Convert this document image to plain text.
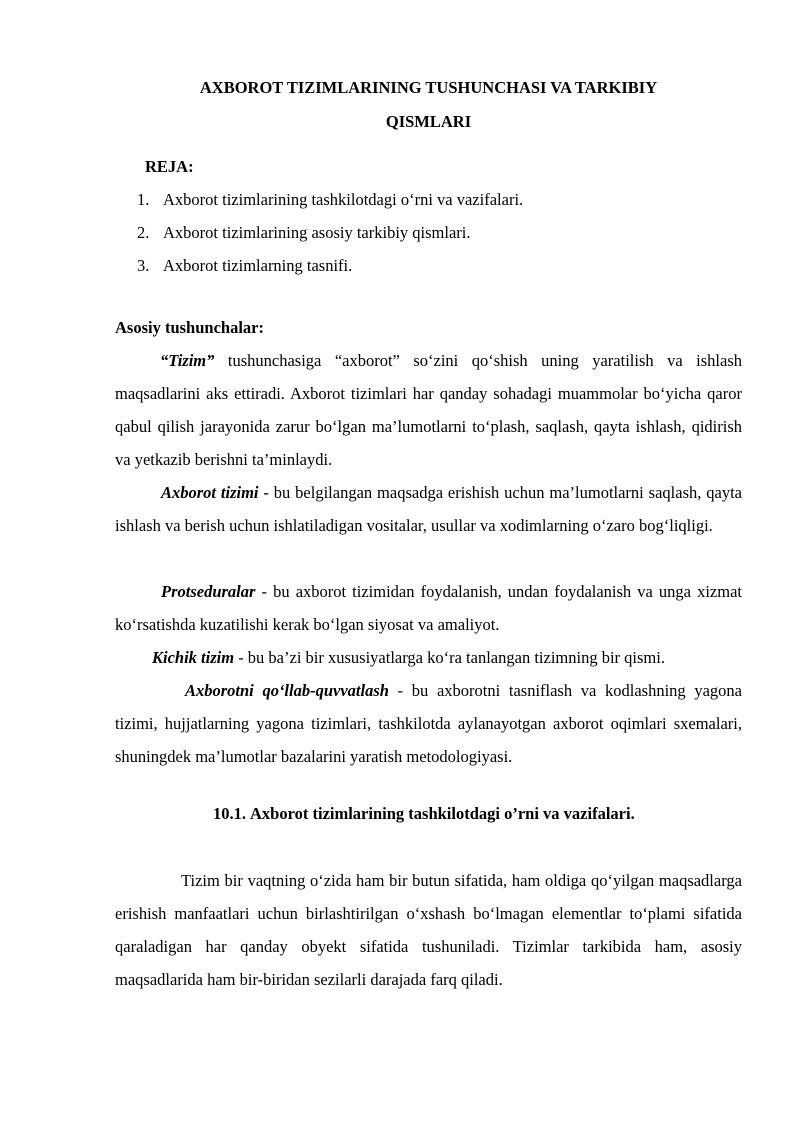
AXBOROT TIZIMLARINING TUSHUNCHASI VA TARKIBIY
QISMLARI
REJA:
1. Axborot tizimlarining tashkilotdagi o‘rni va vazifalari.
2. Axborot tizimlarining asosiy tarkibiy qismlari.
3. Axborot tizimlarning tasnifi.
Asosiy tushunchalar:

“Tizim” tushunchasiga “axborot” so‘zini qo‘shish uning yaratilish va ishlash maqsadlarini aks ettiradi. Axborot tizimlari har qanday sohadagi muammolar bo‘yicha qaror qabul qilish jarayonida zarur bo‘lgan ma’lumotlarni to‘plash, saqlash, qayta ishlash, qidirish va yetkazib berishni ta’minlaydi.

Axborot tizimi - bu belgilangan maqsadga erishish uchun ma’lumotlarni saqlash, qayta ishlash va berish uchun ishlatiladigan vositalar, usullar va xodimlarning o‘zaro bog‘liqligi.

Protseduralar - bu axborot tizimidan foydalanish, undan foydalanish va unga xizmat ko‘rsatishda kuzatilishi kerak bo‘lgan siyosat va amaliyot.

Kichik tizim - bu ba’zi bir xususiyatlarga ko‘ra tanlangan tizimning bir qismi.

Axborotni qo‘llab-quvvatlash - bu axborotni tasniflash va kodlashning yagona tizimi, hujjatlarning yagona tizimlari, tashkilotda aylanayotgan axborot oqimlari sxemalari, shuningdek ma’lumotlar bazalarini yaratish metodologiyasi.

10.1. Axborot tizimlarining tashkilotdagi o’rni va vazifalari.

Tizim bir vaqtning o‘zida ham bir butun sifatida, ham oldiga qo‘yilgan maqsadlarga erishish manfaatlari uchun birlashtirilgan o‘xshash bo‘lmagan elementlar to‘plami sifatida qaraladigan har qanday obyekt sifatida tushuniladi. Tizimlar tarkibida ham, asosiy maqsadlarida ham bir-biridan sezilarli darajada farq qiladi.
